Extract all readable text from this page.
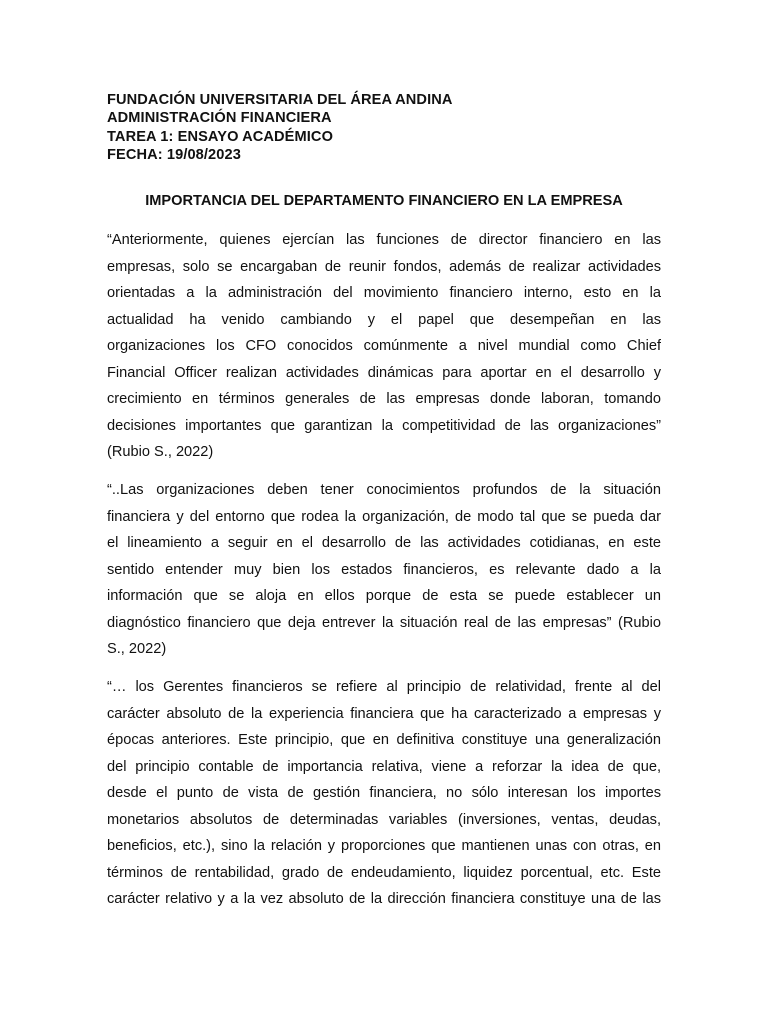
FUNDACIÓN UNIVERSITARIA DEL ÁREA ANDINA
ADMINISTRACIÓN FINANCIERA
TAREA 1: ENSAYO ACADÉMICO
FECHA: 19/08/2023
IMPORTANCIA DEL DEPARTAMENTO FINANCIERO EN LA EMPRESA
“Anteriormente, quienes ejercían las funciones de director financiero en las
empresas, solo se encargaban de reunir fondos, además de realizar actividades
orientadas a la administración del movimiento financiero interno, esto en la
actualidad ha venido cambiando y el papel que desempeñan en las
organizaciones los CFO conocidos comúnmente a nivel mundial como Chief
Financial Officer realizan actividades dinámicas para aportar en el desarrollo y
crecimiento en términos generales de las empresas donde laboran, tomando
decisiones importantes que garantizan la competitividad de las organizaciones”
(Rubio S., 2022)
“..Las organizaciones deben tener conocimientos profundos de la situación
financiera y del entorno que rodea la organización, de modo tal que se pueda dar
el lineamiento a seguir en el desarrollo de las actividades cotidianas, en este
sentido entender muy bien los estados financieros, es relevante dado a la
información que se aloja en ellos porque de esta se puede establecer un
diagnóstico financiero que deja entrever la situación real de las empresas” (Rubio
S., 2022)
“… los Gerentes financieros se refiere al principio de relatividad, frente al del
carácter absoluto de la experiencia financiera que ha caracterizado a empresas y
épocas anteriores. Este principio, que en definitiva constituye una generalización
del principio contable de importancia relativa, viene a reforzar la idea de que,
desde el punto de vista de gestión financiera, no sólo interesan los importes
monetarios absolutos de determinadas variables (inversiones, ventas, deudas,
beneficios, etc.), sino la relación y proporciones que mantienen unas con otras, en
términos de rentabilidad, grado de endeudamiento, liquidez porcentual, etc. Este
carácter relativo y a la vez absoluto de la dirección financiera constituye una de las
